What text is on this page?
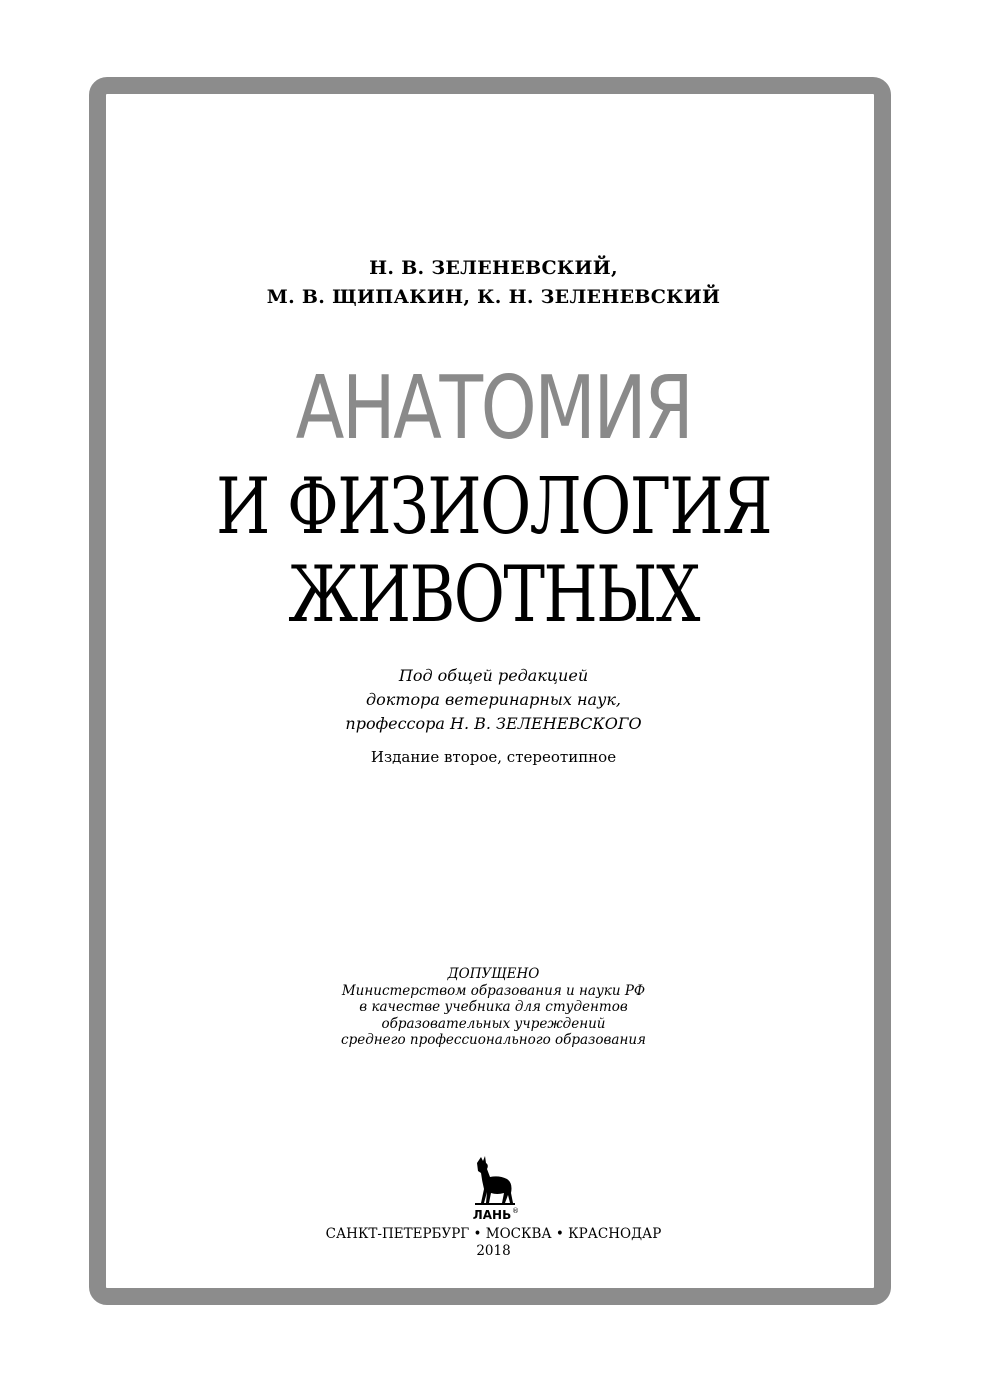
Н. В. ЗЕЛЕНЕВСКИЙ,
М. В. ЩИПАКИН, К. Н. ЗЕЛЕНЕВСКИЙ
АНАТОМИЯ
И ФИЗИОЛОГИЯ
ЖИВОТНЫХ
Под общей редакцией
доктора ветеринарных наук,
профессора Н. В. ЗЕЛЕНЕВСКОГО
Издание второе, стереотипное
ДОПУЩЕНО
Министерством образования и науки РФ
в качестве учебника для студентов
образовательных учреждений
среднего профессионального образования
ЛАНЬ ®
САНКТ-ПЕТЕРБУРГ • МОСКВА • КРАСНОДАР
2018
